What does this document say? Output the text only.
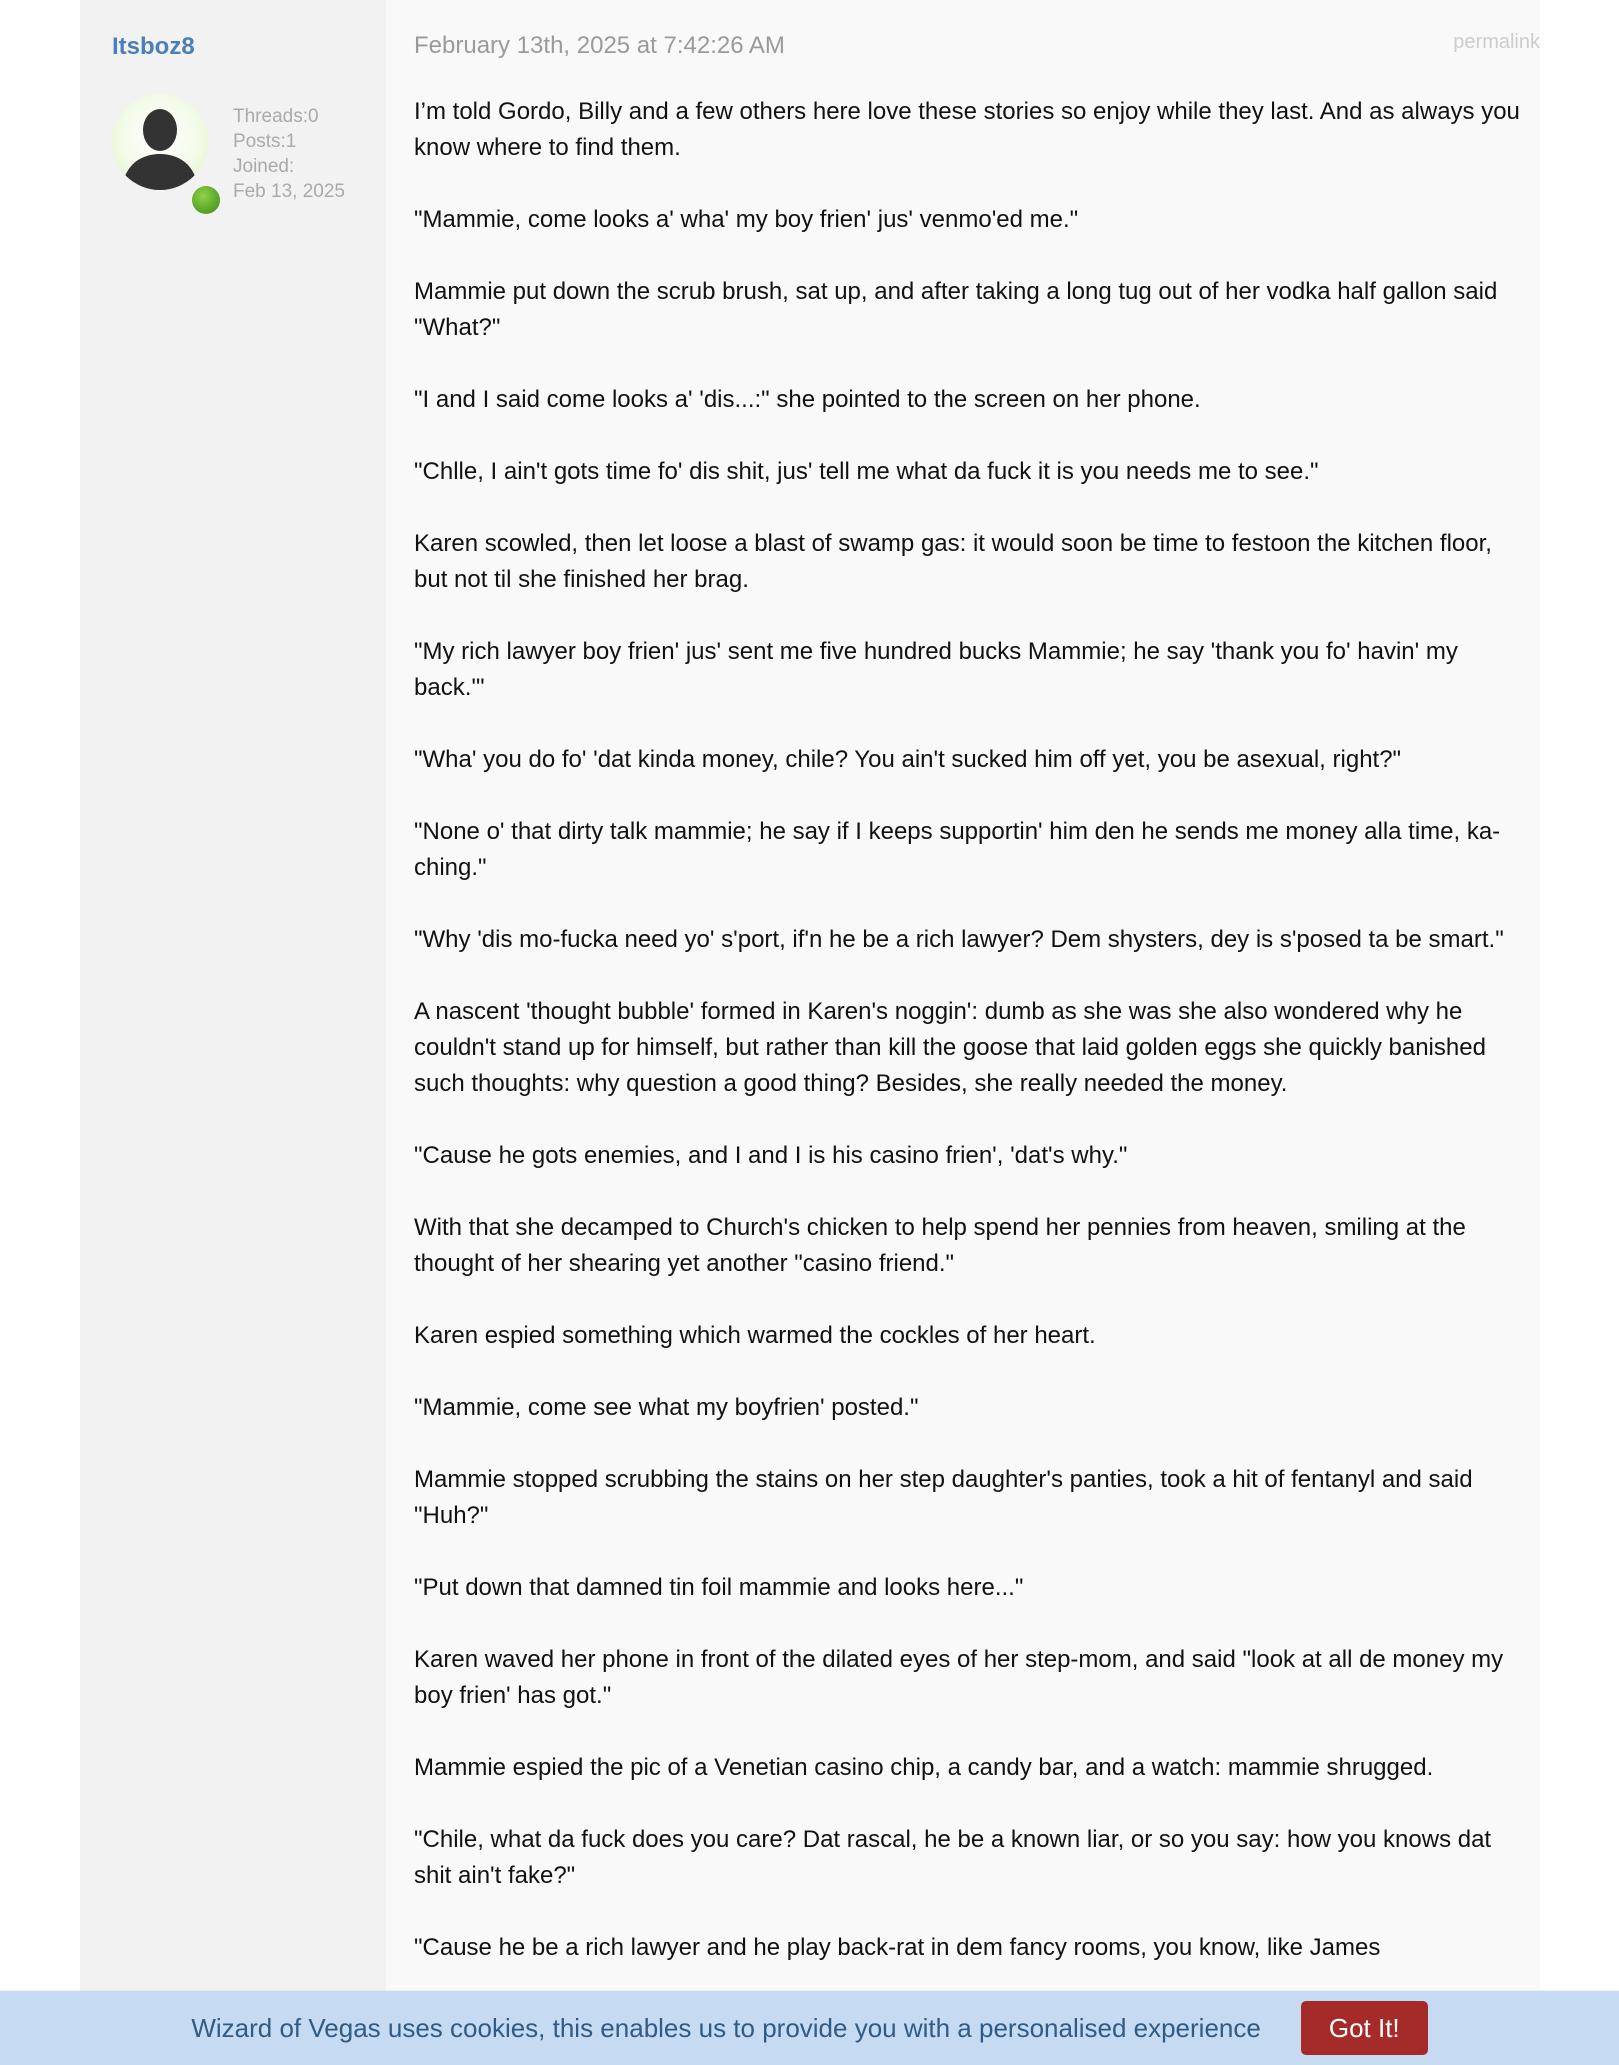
Itsboz8
Threads:0
Posts:1
Joined:
Feb 13, 2025
February 13th, 2025 at 7:42:26 AM	permalink

I’m told Gordo, Billy and a few others here love these stories so enjoy while they last. And as always you know where to find them.

"Mammie, come looks a' wha' my boy frien' jus' venmo'ed me."

Mammie put down the scrub brush, sat up, and after taking a long tug out of her vodka half gallon said "What?"

"I and I said come looks a' 'dis...:" she pointed to the screen on her phone.

"Chlle, I ain't gots time fo' dis shit, jus' tell me what da fuck it is you needs me to see."

Karen scowled, then let loose a blast of swamp gas: it would soon be time to festoon the kitchen floor, but not til she finished her brag.

"My rich lawyer boy frien' jus' sent me five hundred bucks Mammie; he say 'thank you fo' havin' my back.'"

"Wha' you do fo' 'dat kinda money, chile? You ain't sucked him off yet, you be asexual, right?"

"None o' that dirty talk mammie; he say if I keeps supportin' him den he sends me money alla time, ka-ching."

"Why 'dis mo-fucka need yo' s'port, if'n he be a rich lawyer? Dem shysters, dey is s'posed ta be smart."

A nascent 'thought bubble' formed in Karen's noggin': dumb as she was she also wondered why he couldn't stand up for himself, but rather than kill the goose that laid golden eggs she quickly banished such thoughts: why question a good thing? Besides, she really needed the money.

"Cause he gots enemies, and I and I is his casino frien', 'dat's why."

With that she decamped to Church's chicken to help spend her pennies from heaven, smiling at the thought of her shearing yet another "casino friend."

Karen espied something which warmed the cockles of her heart.

"Mammie, come see what my boyfrien' posted."

Mammie stopped scrubbing the stains on her step daughter's panties, took a hit of fentanyl and said "Huh?"

"Put down that damned tin foil mammie and looks here..."

Karen waved her phone in front of the dilated eyes of her step-mom, and said "look at all de money my boy frien' has got."

Mammie espied the pic of a Venetian casino chip, a candy bar, and a watch: mammie shrugged.

"Chile, what da fuck does you care? Dat rascal, he be a known liar, or so you say: how you knows dat shit ain't fake?"

"Cause he be a rich lawyer and he play back-rat in dem fancy rooms, you know, like James

Wizard of Vegas uses cookies, this enables us to provide you with a personalised experience	Got It!
